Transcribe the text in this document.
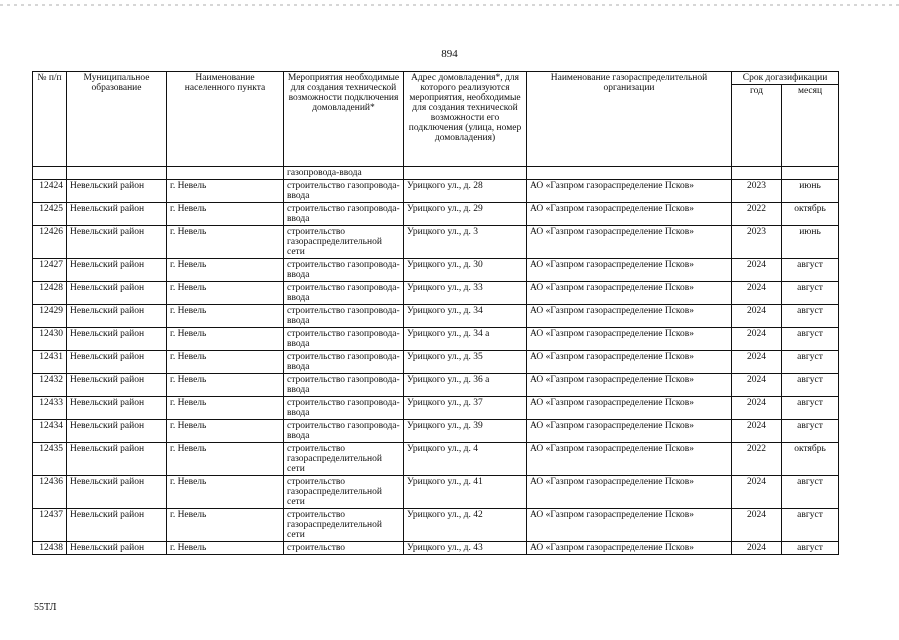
894
№ п/п	Муниципальное образование	Наименование населенного пункта	Мероприятия необходимые для создания технической возможности подключения домовладений*	Адрес домовладения*, для которого реализуются мероприятия, необходимые для создания технической возможности его подключения (улица, номер домовладения)	Наименование газораспределительной организации	Срок догазификации	
						год	месяц
			газопровода-ввода				
12424	Невельский район	г. Невель	строительство газопровода-ввода	Урицкого ул., д. 28	АО «Газпром газораспределение Псков»	2023	июнь
12425	Невельский район	г. Невель	строительство газопровода-ввода	Урицкого ул., д. 29	АО «Газпром газораспределение Псков»	2022	октябрь
12426	Невельский район	г. Невель	строительство газораспределительной сети	Урицкого ул., д. 3	АО «Газпром газораспределение Псков»	2023	июнь
12427	Невельский район	г. Невель	строительство газопровода-ввода	Урицкого ул., д. 30	АО «Газпром газораспределение Псков»	2024	август
12428	Невельский район	г. Невель	строительство газопровода-ввода	Урицкого ул., д. 33	АО «Газпром газораспределение Псков»	2024	август
12429	Невельский район	г. Невель	строительство газопровода-ввода	Урицкого ул., д. 34	АО «Газпром газораспределение Псков»	2024	август
12430	Невельский район	г. Невель	строительство газопровода-ввода	Урицкого ул., д. 34 а	АО «Газпром газораспределение Псков»	2024	август
12431	Невельский район	г. Невель	строительство газопровода-ввода	Урицкого ул., д. 35	АО «Газпром газораспределение Псков»	2024	август
12432	Невельский район	г. Невель	строительство газопровода-ввода	Урицкого ул., д. 36 а	АО «Газпром газораспределение Псков»	2024	август
12433	Невельский район	г. Невель	строительство газопровода-ввода	Урицкого ул., д. 37	АО «Газпром газораспределение Псков»	2024	август
12434	Невельский район	г. Невель	строительство газопровода-ввода	Урицкого ул., д. 39	АО «Газпром газораспределение Псков»	2024	август
12435	Невельский район	г. Невель	строительство газораспределительной сети	Урицкого ул., д. 4	АО «Газпром газораспределение Псков»	2022	октябрь
12436	Невельский район	г. Невель	строительство газораспределительной сети	Урицкого ул., д. 41	АО «Газпром газораспределение Псков»	2024	август
12437	Невельский район	г. Невель	строительство газораспределительной сети	Урицкого ул., д. 42	АО «Газпром газораспределение Псков»	2024	август
12438	Невельский район	г. Невель	строительство	Урицкого ул., д. 43	АО «Газпром газораспределение Псков»	2024	август
55ТЛ
